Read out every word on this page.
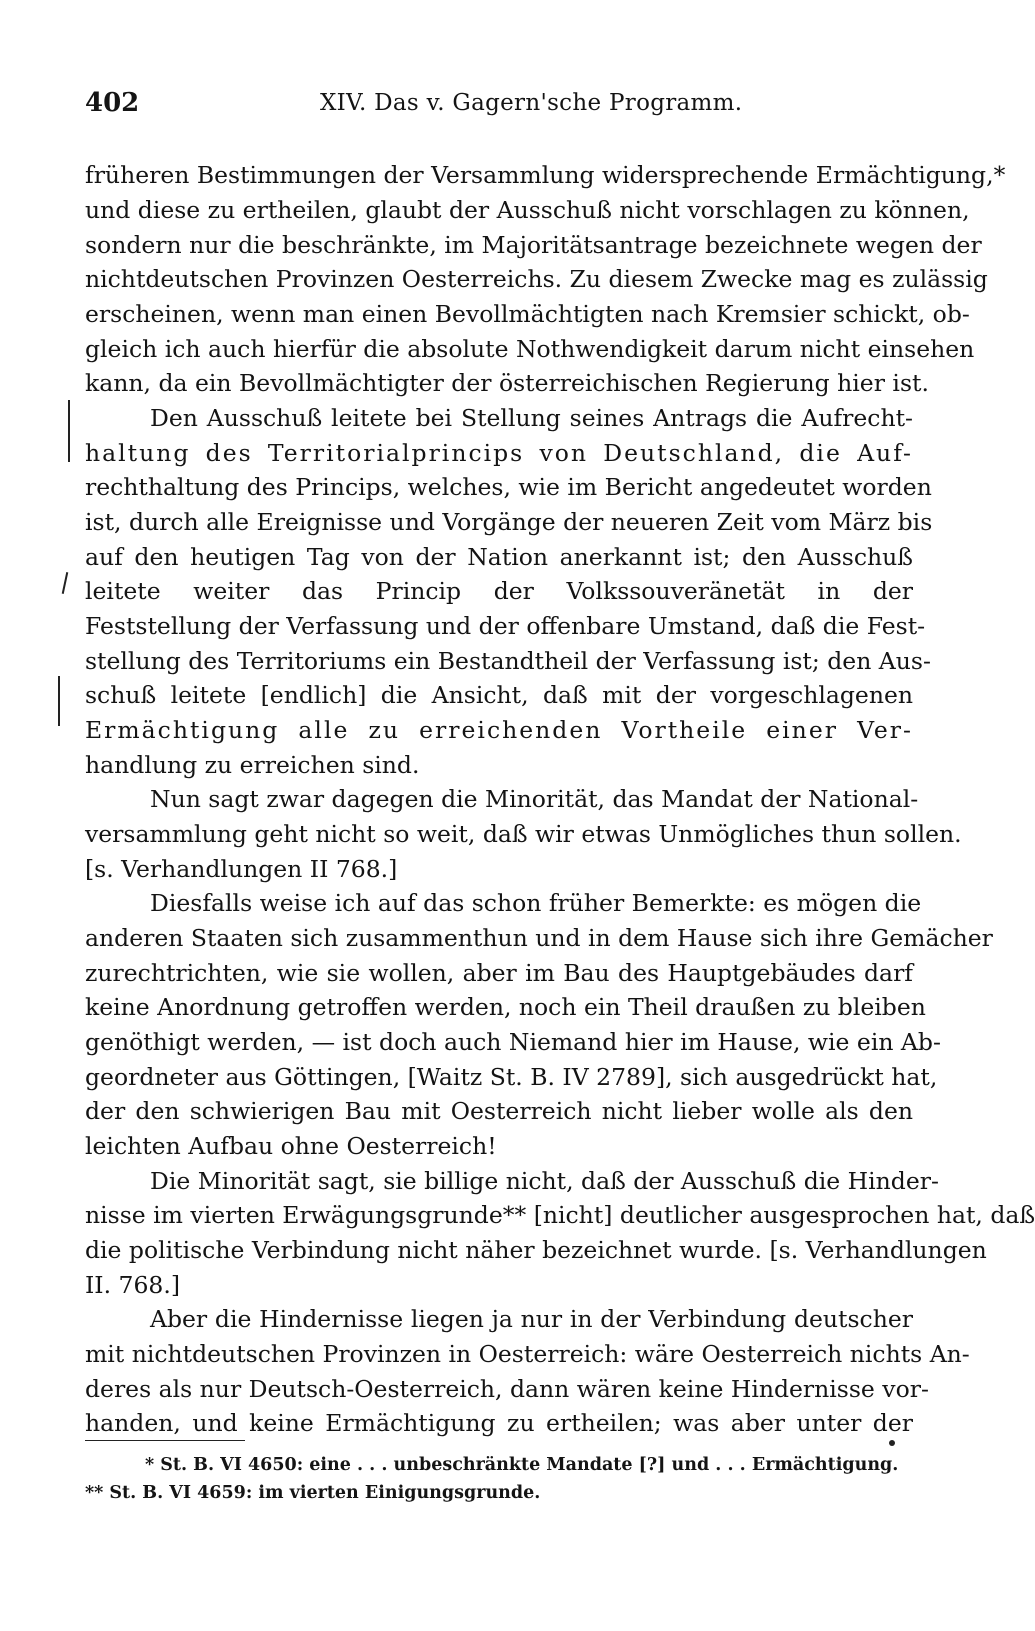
402	XIV. Das v. Gagern'sche Programm.
früheren Bestimmungen der Versammlung widersprechende Ermächtigung,*
und diese zu ertheilen, glaubt der Ausschuß nicht vorschlagen zu können,
sondern nur die beschränkte, im Majoritätsantrage bezeichnete wegen der
nichtdeutschen Provinzen Oesterreichs. Zu diesem Zwecke mag es zulässig
erscheinen, wenn man einen Bevollmächtigten nach Kremsier schickt, ob-
gleich ich auch hierfür die absolute Nothwendigkeit darum nicht einsehen
kann, da ein Bevollmächtigter der österreichischen Regierung hier ist.
Den Ausschuß leitete bei Stellung seines Antrags die Aufrecht-
haltung des Territorialprincips von Deutschland, die Auf-
rechthaltung des Princips, welches, wie im Bericht angedeutet worden
ist, durch alle Ereignisse und Vorgänge der neueren Zeit vom März bis
auf den heutigen Tag von der Nation anerkannt ist; den Ausschuß
leitete weiter das Princip der Volkssouveränetät in der
Feststellung der Verfassung und der offenbare Umstand, daß die Fest-
stellung des Territoriums ein Bestandtheil der Verfassung ist; den Aus-
schuß leitete [endlich] die Ansicht, daß mit der vorgeschlagenen
Ermächtigung alle zu erreichenden Vortheile einer Ver-
handlung zu erreichen sind.
Nun sagt zwar dagegen die Minorität, das Mandat der National-
versammlung geht nicht so weit, daß wir etwas Unmögliches thun sollen.
[s. Verhandlungen II 768.]
Diesfalls weise ich auf das schon früher Bemerkte: es mögen die
anderen Staaten sich zusammenthun und in dem Hause sich ihre Gemächer
zurechtrichten, wie sie wollen, aber im Bau des Hauptgebäudes darf
keine Anordnung getroffen werden, noch ein Theil draußen zu bleiben
genöthigt werden, — ist doch auch Niemand hier im Hause, wie ein Ab-
geordneter aus Göttingen, [Waitz St. B. IV 2789], sich ausgedrückt hat,
der den schwierigen Bau mit Oesterreich nicht lieber wolle als den
leichten Aufbau ohne Oesterreich!
Die Minorität sagt, sie billige nicht, daß der Ausschuß die Hinder-
nisse im vierten Erwägungsgrunde** [nicht] deutlicher ausgesprochen hat, daß
die politische Verbindung nicht näher bezeichnet wurde. [s. Verhandlungen
II. 768.]
Aber die Hindernisse liegen ja nur in der Verbindung deutscher
mit nichtdeutschen Provinzen in Oesterreich: wäre Oesterreich nichts An-
deres als nur Deutsch-Oesterreich, dann wären keine Hindernisse vor-
handen, und keine Ermächtigung zu ertheilen; was aber unter der
* St. B. VI 4650: eine . . . unbeschränkte Mandate [?] und . . . Ermächtigung.
** St. B. VI 4659: im vierten Einigungsgrunde.
